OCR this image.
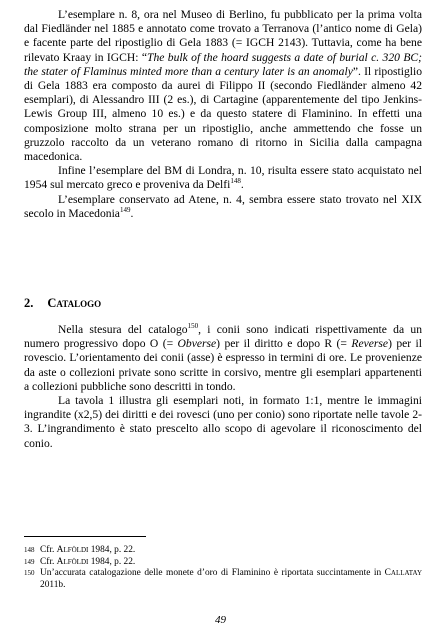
L’esemplare n. 8, ora nel Museo di Berlino, fu pubblicato per la prima volta dal Fiedländer nel 1885 e annotato come trovato a Terranova (l’antico nome di Gela) e facente parte del ripostiglio di Gela 1883 (= IGCH 2143). Tuttavia, come ha bene rilevato Kraay in IGCH: “The bulk of the hoard suggests a date of burial c. 320 BC; the stater of Flaminus minted more than a century later is an anomaly”. Il ripostiglio di Gela 1883 era composto da aurei di Filippo II (secondo Fiedländer almeno 42 esemplari), di Alessandro III (2 es.), di Cartagine (apparentemente del tipo Jenkins-Lewis Group III, almeno 10 es.) e da questo statere di Flaminino. In effetti una composizione molto strana per un ripostiglio, anche ammettendo che fosse un gruzzolo raccolto da un veterano romano di ritorno in Sicilia dalla campagna macedonica.

Infine l’esemplare del BM di Londra, n. 10, risulta essere stato acquistato nel 1954 sul mercato greco e proveniva da Delfi$^{148}$.

L’esemplare conservato ad Atene, n. 4, sembra essere stato trovato nel XIX secolo in Macedonia$^{149}$.

2. Catalogo

Nella stesura del catalogo$^{150}$, i conii sono indicati rispettivamente da un numero progressivo dopo O (= Obverse) per il diritto e dopo R (= Reverse) per il rovescio. L’orientamento dei conii (asse) è espresso in termini di ore. Le provenienze da aste o collezioni private sono scritte in corsivo, mentre gli esemplari appartenenti a collezioni pubbliche sono descritti in tondo.

La tavola 1 illustra gli esemplari noti, in formato 1:1, mentre le immagini ingrandite (x2,5) dei diritti e dei rovesci (uno per conio) sono riportate nelle tavole 2-3. L’ingrandimento è stato prescelto allo scopo di agevolare il riconoscimento del conio.

148 Cfr. Alföldi 1984, p. 22.
149 Cfr. Alföldi 1984, p. 22.
150 Un’accurata catalogazione delle monete d’oro di Flaminino è riportata succintamente in Callatay 2011b.
49
